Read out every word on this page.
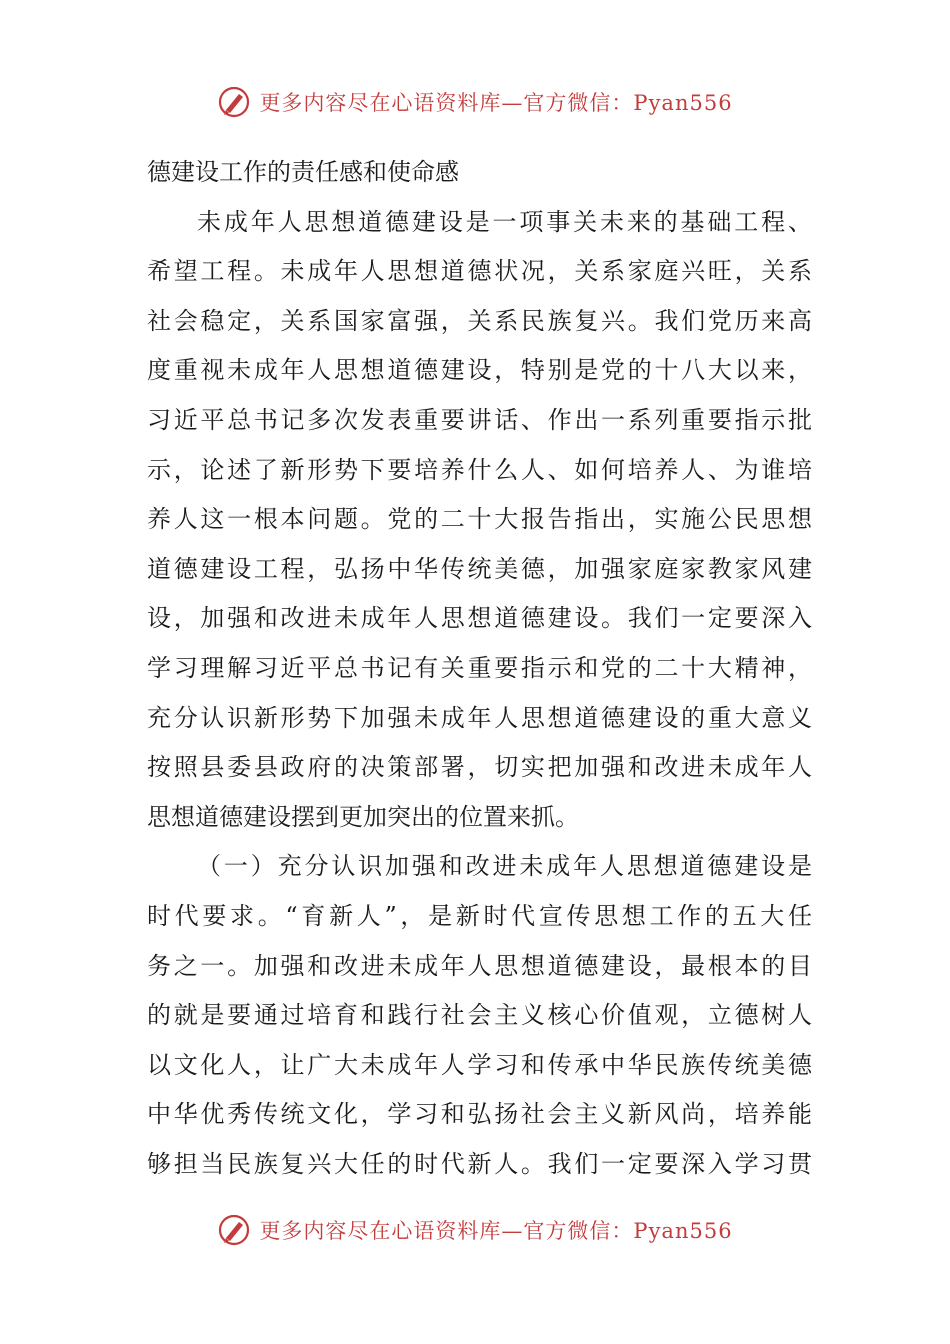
更多内容尽在心语资料库—官方微信：Pyan556
德建设工作的责任感和使命感
未成年人思想道德建设是一项事关未来的基础工程、
希望工程。未成年人思想道德状况，关系家庭兴旺，关系
社会稳定，关系国家富强，关系民族复兴。我们党历来高
度重视未成年人思想道德建设，特别是党的十八大以来，
习近平总书记多次发表重要讲话、作出一系列重要指示批
示，论述了新形势下要培养什么人、如何培养人、为谁培
养人这一根本问题。党的二十大报告指出，实施公民思想
道德建设工程，弘扬中华传统美德，加强家庭家教家风建
设，加强和改进未成年人思想道德建设。我们一定要深入
学习理解习近平总书记有关重要指示和党的二十大精神，
充分认识新形势下加强未成年人思想道德建设的重大意义
按照县委县政府的决策部署，切实把加强和改进未成年人
思想道德建设摆到更加突出的位置来抓。
（一）充分认识加强和改进未成年人思想道德建设是
时代要求。“育新人”，是新时代宣传思想工作的五大任
务之一。加强和改进未成年人思想道德建设，最根本的目
的就是要通过培育和践行社会主义核心价值观，立德树人
以文化人，让广大未成年人学习和传承中华民族传统美德
中华优秀传统文化，学习和弘扬社会主义新风尚，培养能
够担当民族复兴大任的时代新人。我们一定要深入学习贯
更多内容尽在心语资料库—官方微信：Pyan556
